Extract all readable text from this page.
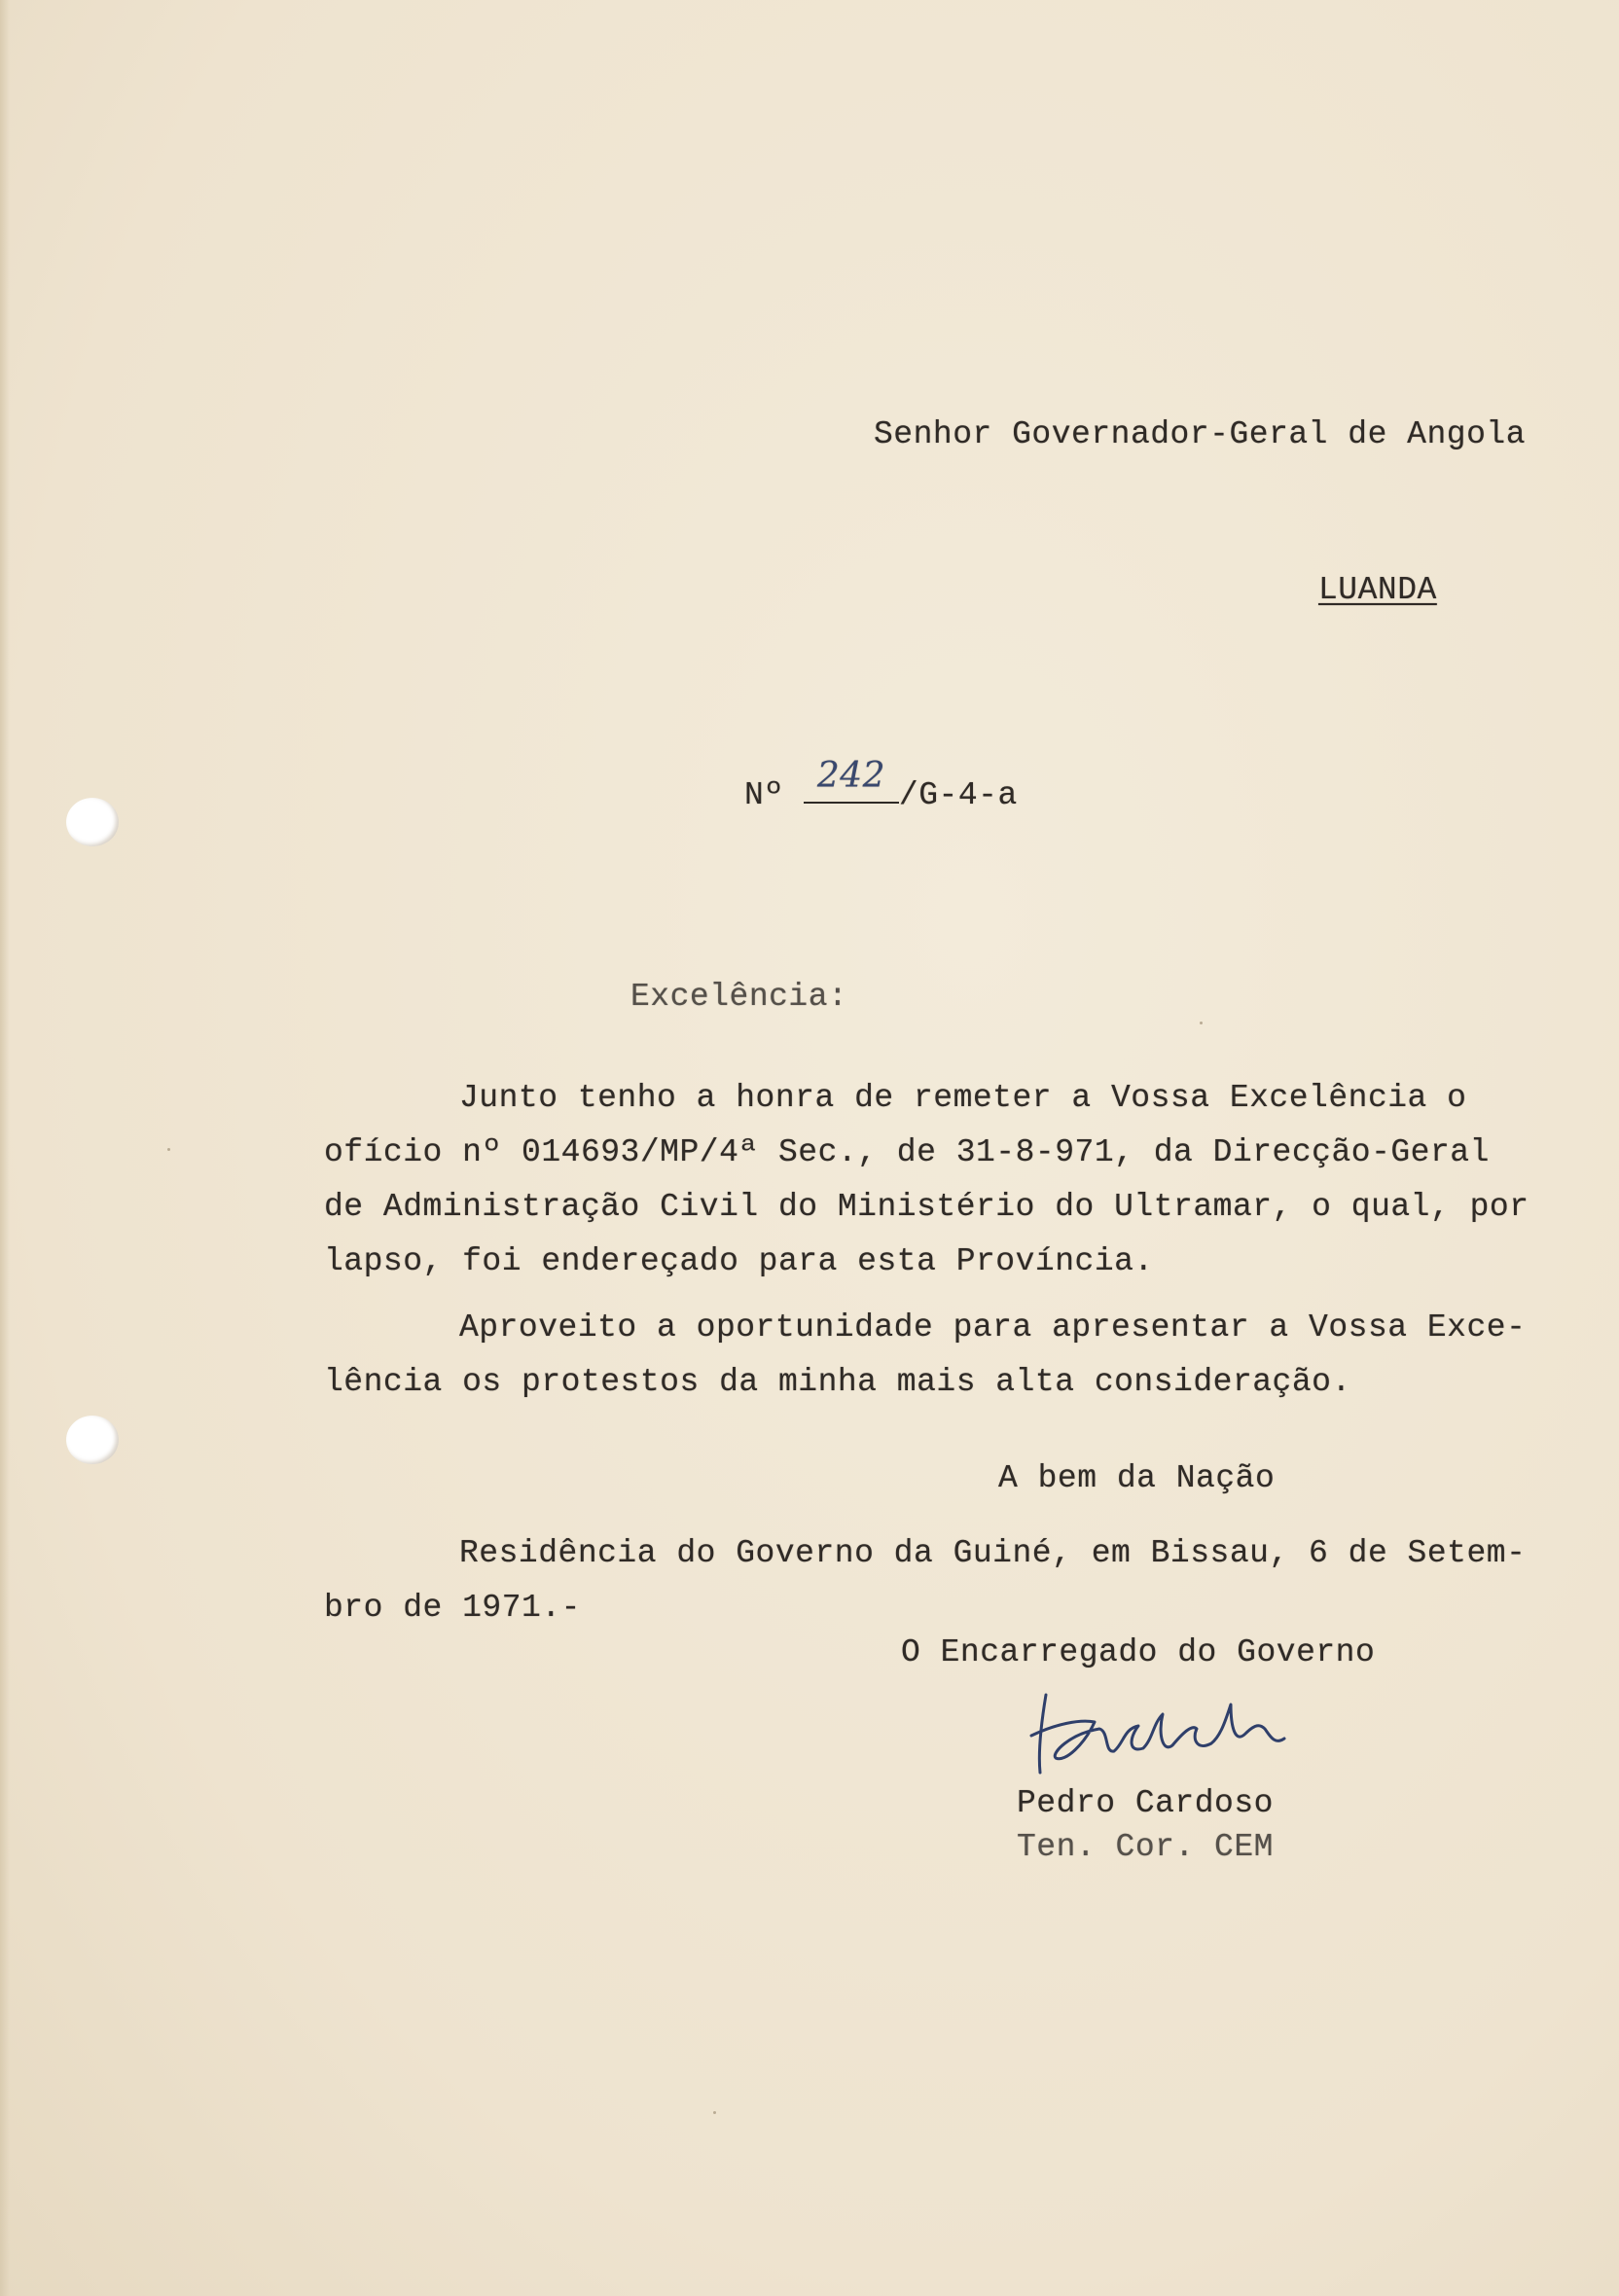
Senhor Governador-Geral de Angola

LUANDA

Nº 242 /G-4-a

Excelência:

Junto tenho a honra de remeter a Vossa Excelência o

ofício nº 014693/MP/4ª Sec., de 31-8-971, da Direcção-Geral

de Administração Civil do Ministério do Ultramar, o qual, por

lapso, foi endereçado para esta Província.

Aproveito a oportunidade para apresentar a Vossa Exce-

lência os protestos da minha mais alta consideração.

A bem da Nação

Residência do Governo da Guiné, em Bissau, 6 de Setem-

bro de 1971.-

O Encarregado do Governo

Pedro Cardoso

Ten. Cor. CEM
